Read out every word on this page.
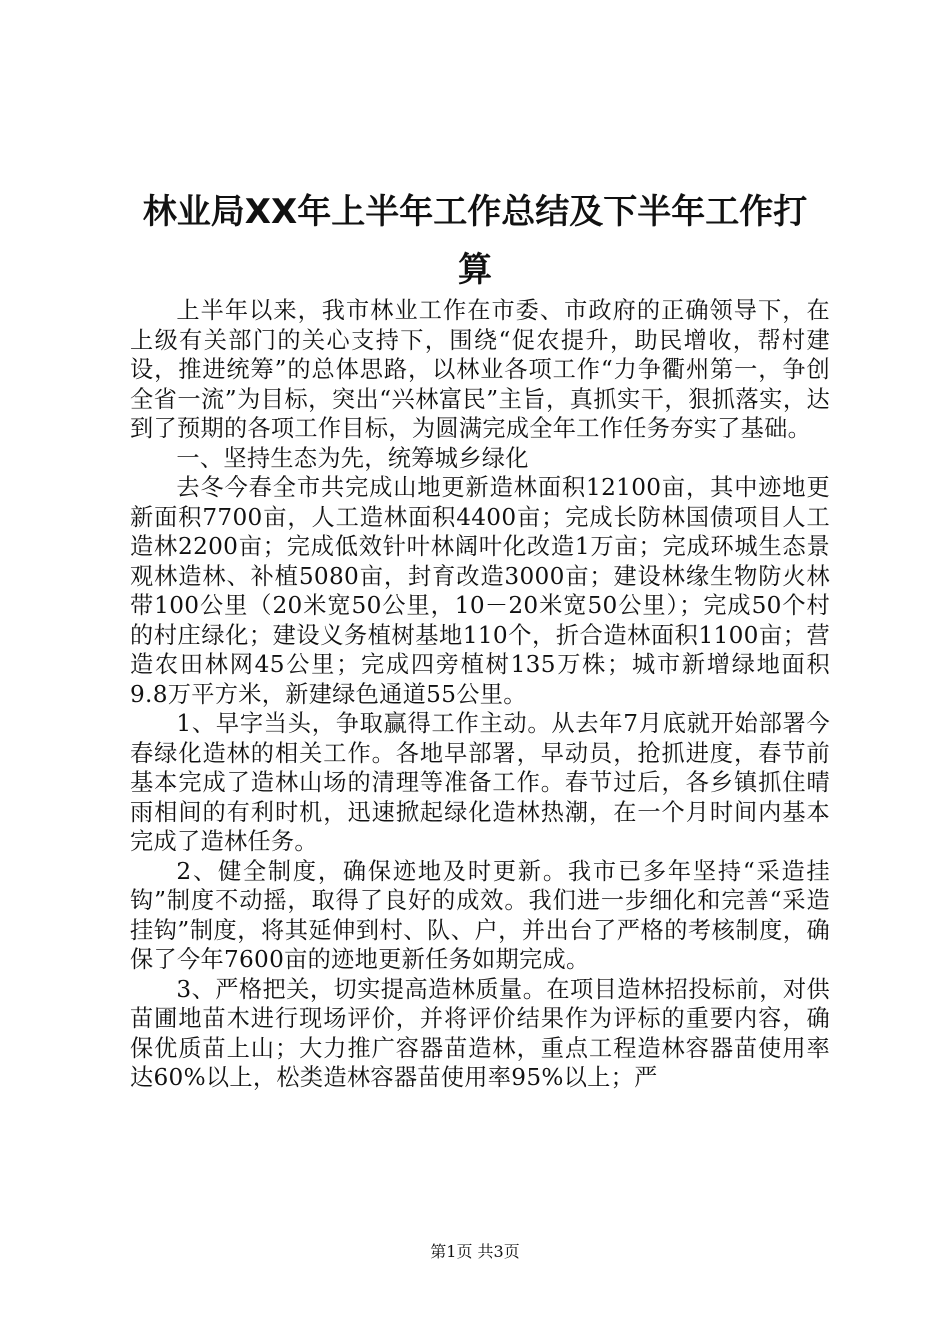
林业局XX年上半年工作总结及下半年工作打
算

上半年以来，我市林业工作在市委、市政府的正确领导下，在上级有关部门的关心支持下，围绕“促农提升，助民增收，帮村建设，推进统筹”的总体思路，以林业各项工作“力争衢州第一，争创全省一流”为目标，突出“兴林富民”主旨，真抓实干，狠抓落实，达到了预期的各项工作目标，为圆满完成全年工作任务夯实了基础。

一、坚持生态为先，统筹城乡绿化

去冬今春全市共完成山地更新造林面积12100亩，其中迹地更新面积7700亩，人工造林面积4400亩；完成长防林国债项目人工造林2200亩；完成低效针叶林阔叶化改造1万亩；完成环城生态景观林造林、补植5080亩，封育改造3000亩；建设林缘生物防火林带100公里（20米宽50公里，10－20米宽50公里）；完成50个村的村庄绿化；建设义务植树基地110个，折合造林面积1100亩；营造农田林网45公里；完成四旁植树135万株；城市新增绿地面积9.8万平方米，新建绿色通道55公里。

1、早字当头，争取赢得工作主动。从去年7月底就开始部署今春绿化造林的相关工作。各地早部署，早动员，抢抓进度，春节前基本完成了造林山场的清理等准备工作。春节过后，各乡镇抓住晴雨相间的有利时机，迅速掀起绿化造林热潮，在一个月时间内基本完成了造林任务。

2、健全制度，确保迹地及时更新。我市已多年坚持“采造挂钩”制度不动摇，取得了良好的成效。我们进一步细化和完善“采造挂钩”制度，将其延伸到村、队、户，并出台了严格的考核制度，确保了今年7600亩的迹地更新任务如期完成。

3、严格把关，切实提高造林质量。在项目造林招投标前，对供苗圃地苗木进行现场评价，并将评价结果作为评标的重要内容，确保优质苗上山；大力推广容器苗造林，重点工程造林容器苗使用率达60%以上，松类造林容器苗使用率95%以上；严

第1页 共3页
